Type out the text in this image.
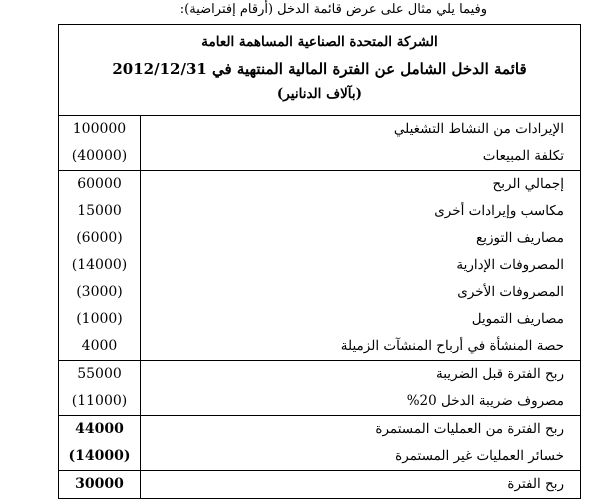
وفيما يلي مثال على عرض قائمة الدخل (أرقام إفتراضية):
الشركة المتحدة الصناعية المساهمة العامة
قائمة الدخل الشامل عن الفترة المالية المنتهية في 2012/12/31
(بآلاف الدنانير)
100000	الإيرادات من النشاط التشغيلي
(40000)	تكلفة المبيعات
60000	إجمالي الربح
15000	مكاسب وإيرادات أخرى
(6000)	مصاريف التوزيع
(14000)	المصروفات الإدارية
(3000)	المصروفات الأخرى
(1000)	مصاريف التمويل
4000	حصة المنشأة في أرباح المنشآت الزميلة
55000	ربح الفترة قبل الضريبة
(11000)	مصروف ضريبة الدخل 20%
44000	ربح الفترة من العمليات المستمرة
(14000)	خسائر العمليات غير المستمرة
30000	ربح الفترة
